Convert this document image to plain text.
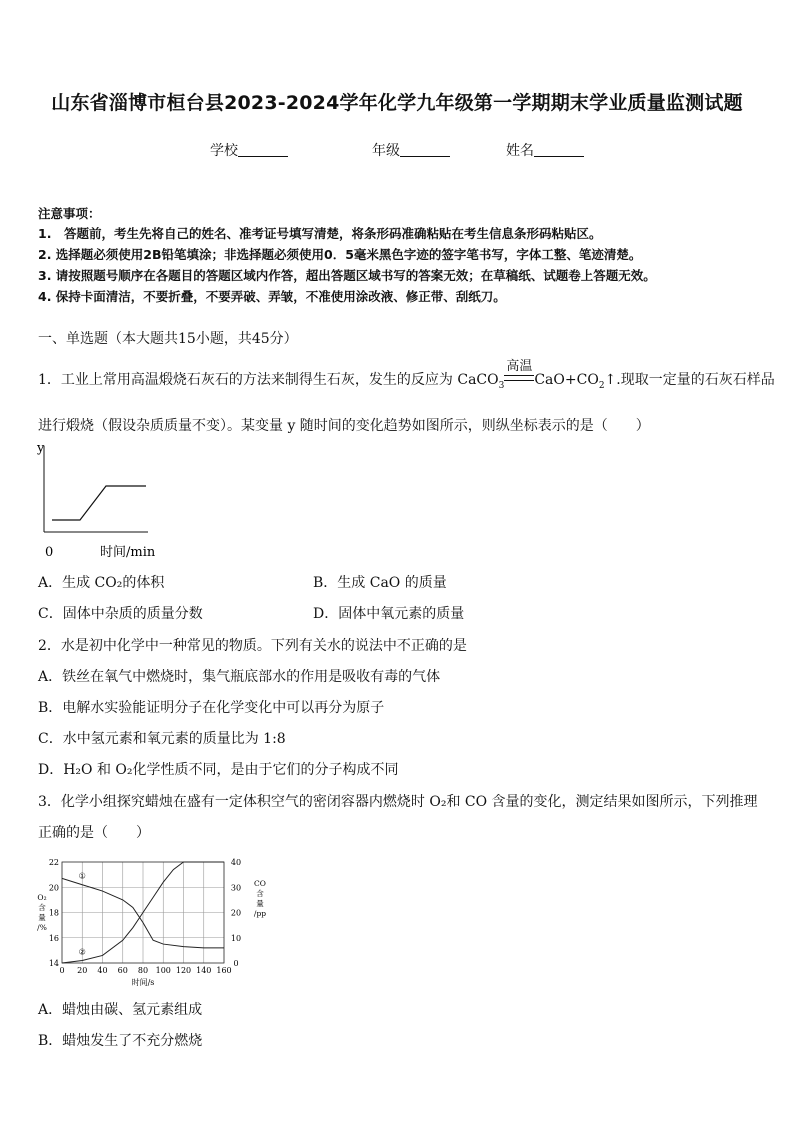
山东省淄博市桓台县2023-2024学年化学九年级第一学期期末学业质量监测试题
学校	年级	姓名
注意事项：
1.　答题前，考生先将自己的姓名、准考证号填写清楚，将条形码准确粘贴在考生信息条形码粘贴区。
2. 选择题必须使用2B铅笔填涂；非选择题必须使用0．5毫米黑色字迹的签字笔书写，字体工整、笔迹清楚。
3. 请按照题号顺序在各题目的答题区域内作答，超出答题区域书写的答案无效；在草稿纸、试题卷上答题无效。
4. 保持卡面清洁，不要折叠，不要弄破、弄皱，不准使用涂改液、修正带、刮纸刀。
一、单选题（本大题共15小题，共45分）
1．工业上常用高温煅烧石灰石的方法来制得生石灰，发生的反应为 CaCO$_3$
高温
$CaO+CO_2↑$.现取一定量的石灰石样品
进行煅烧（假设杂质质量不变）。某变量 y 随时间的变化趋势如图所示，则纵坐标表示的是（　　）
y
0	时间/min
A．生成 CO₂的体积	B．生成 CaO 的质量
C．固体中杂质的质量分数	D．固体中氧元素的质量
2．水是初中化学中一种常见的物质。下列有关水的说法中不正确的是
A．铁丝在氧气中燃烧时，集气瓶底部水的作用是吸收有毒的气体
B．电解水实验能证明分子在化学变化中可以再分为原子
C．水中氢元素和氧元素的质量比为 1:8
D．H₂O 和 O₂化学性质不同，是由于它们的分子构成不同
3．化学小组探究蜡烛在盛有一定体积空气的密闭容器内燃烧时 O₂和 CO 含量的变化，测定结果如图所示，下列推理
正确的是（　　）
①
②
0 20 40 60 80 100 120 140 160
14
16
18
20
22
0
10
20
30
40
时间/s
O₂
含
量
/%
CO
含
量
/pp
A．蜡烛由碳、氢元素组成
B．蜡烛发生了不充分燃烧
